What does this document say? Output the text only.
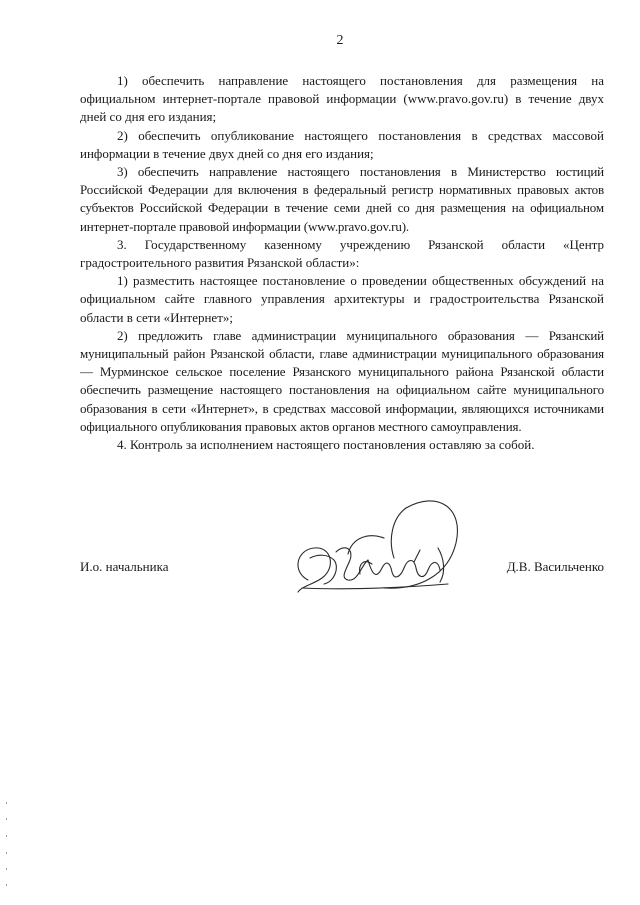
2

1) обеспечить направление настоящего постановления для размещения на официальном интернет-портале правовой информации (www.pravo.gov.ru) в течение двух дней со дня его издания;

2) обеспечить опубликование настоящего постановления в средствах массовой информации в течение двух дней со дня его издания;

3) обеспечить направление настоящего постановления в Министерство юстиций Российской Федерации для включения в федеральный регистр нормативных правовых актов субъектов Российской Федерации в течение семи дней со дня размещения на официальном интернет-портале правовой информации (www.pravo.gov.ru).

3. Государственному казенному учреждению Рязанской области «Центр градостроительного развития Рязанской области»:

1) разместить настоящее постановление о проведении общественных обсуждений на официальном сайте главного управления архитектуры и градостроительства Рязанской области в сети «Интернет»;

2) предложить главе администрации муниципального образования — Рязанский муниципальный район Рязанской области, главе администрации муниципального образования — Мурминское сельское поселение Рязанского муниципального района Рязанской области обеспечить размещение настоящего постановления на официальном сайте муниципального образования в сети «Интернет», в средствах массовой информации, являющихся источниками официального опубликования правовых актов органов местного самоуправления.

4. Контроль за исполнением настоящего постановления оставляю за собой.

И.о. начальника	Д.В. Васильченко
